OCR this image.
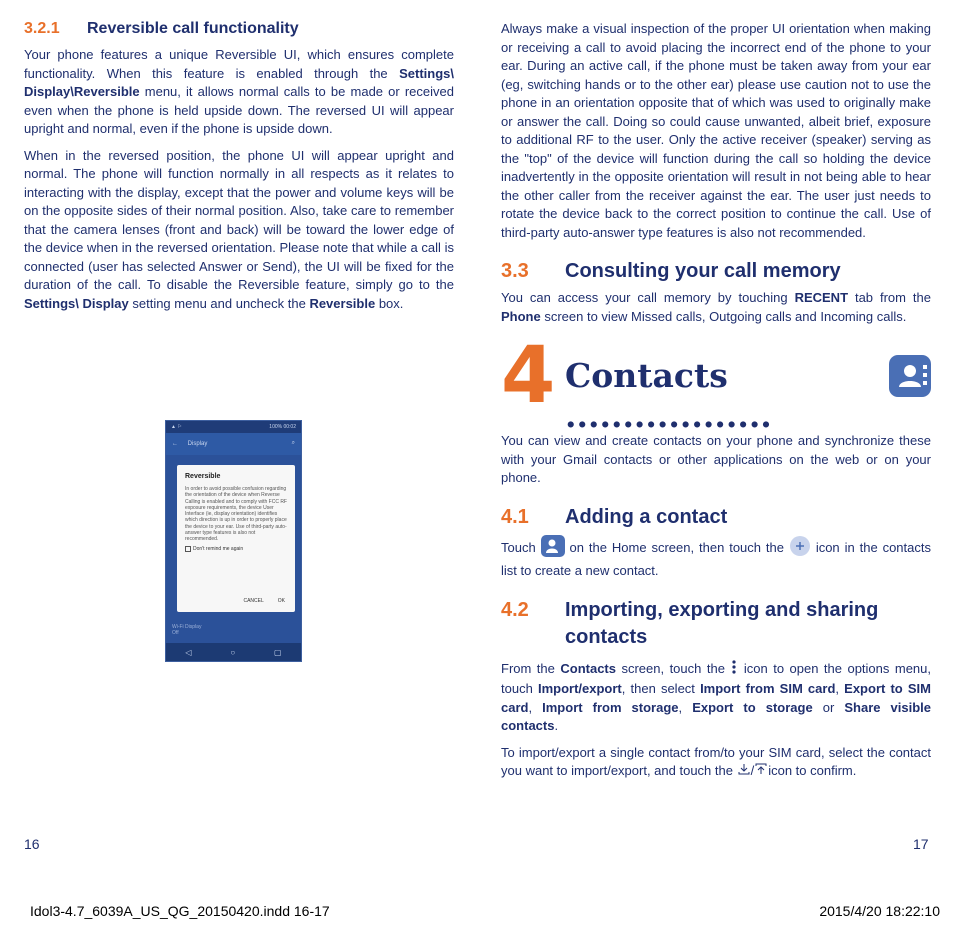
3.2.1	Reversible call functionality

Your phone features a unique Reversible UI, which ensures complete functionality. When this feature is enabled through the Settings\ Display\Reversible menu, it allows normal calls to be made or received even when the phone is held upside down. The reversed UI will appear upright and normal, even if the phone is upside down.

When in the reversed position, the phone UI will appear upright and normal. The phone will function normally in all respects as it relates to interacting with the display, except that the power and volume keys will be on the opposite sides of their normal position. Also, take care to remember that the camera lenses (front and back) will be toward the lower edge of the device when in the reversed orientation. Please note that while a call is connected (user has selected Answer or Send), the UI will be fixed for the duration of the call. To disable the Reversible feature, simply go to the Settings\ Display setting menu and uncheck the Reversible box.

▲ ⚐	100% 00:02
← Display	⌕
Reversible
In order to avoid possible confusion regarding the orientation of the device when Reverse Calling is enabled and to comply with FCC RF exposure requirements, the device User Interface (ie, display orientation) identifies which direction is up in order to properly place the device to your ear. Use of third-party auto-answer type features is also not recommended.
Don't remind me again
CANCEL	OK
Wi-Fi Display
Off
◁	○	▢
16

Always make a visual inspection of the proper UI orientation when making or receiving a call to avoid placing the incorrect end of the phone to your ear. During an active call, if the phone must be taken away from your ear (eg, switching hands or to the other ear) please use caution not to use the phone in an orientation opposite that of which was used to originally make or answer the call. Doing so could cause unwanted, albeit brief, exposure to additional RF to the user. Only the active receiver (speaker) serving as the "top" of the device will function during the call so holding the device inadvertently in the opposite orientation will result in not being able to hear the other caller from the receiver against the ear. The user just needs to rotate the device back to the correct position to continue the call. Use of third-party auto-answer type features is also not recommended.

3.3	Consulting your call memory

You can access your call memory by touching RECENT tab from the Phone screen to view Missed calls, Outgoing calls and Incoming calls.

4 Contacts ..................

You can view and create contacts on your phone and synchronize these with your Gmail contacts or other applications on the web or on your phone.

4.1	Adding a contact

Touch  on the Home screen, then touch the  icon in the contacts list to create a new contact.

4.2	Importing, exporting and sharing contacts

From the Contacts screen, touch the  icon to open the options menu, touch Import/export, then select Import from SIM card, Export to SIM card, Import from storage, Export to storage or Share visible contacts.

To import/export a single contact from/to your SIM card, select the contact you want to import/export, and touch the / icon to confirm.

17
Idol3-4.7_6039A_US_QG_20150420.indd 16-17	2015/4/20 18:22:10
